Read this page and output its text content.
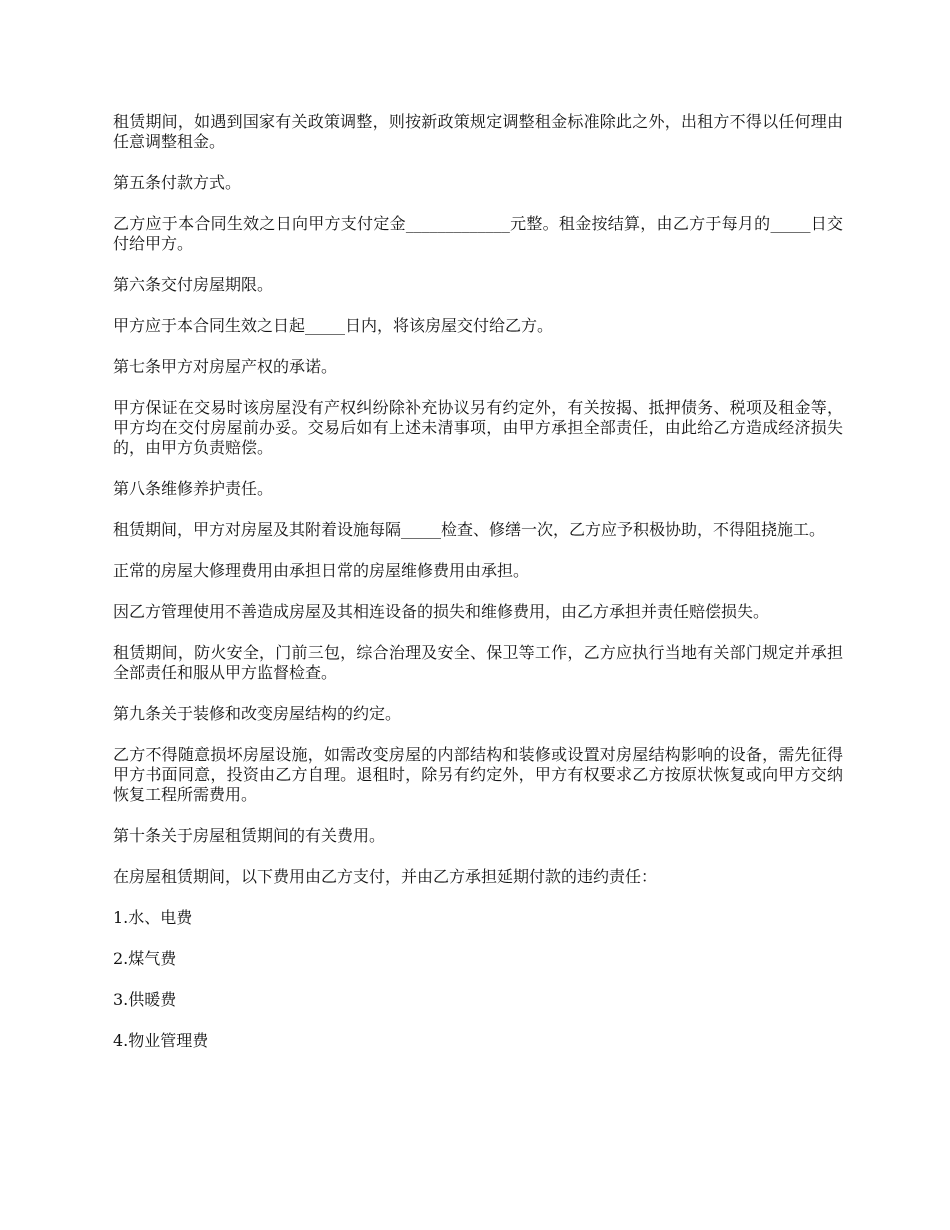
租赁期间，如遇到国家有关政策调整，则按新政策规定调整租金标准除此之外，出租方不得以任何理由任意调整租金。

第五条付款方式。

乙方应于本合同生效之日向甲方支付定金_____________元整。租金按结算，由乙方于每月的_____日交付给甲方。

第六条交付房屋期限。

甲方应于本合同生效之日起_____日内，将该房屋交付给乙方。

第七条甲方对房屋产权的承诺。

甲方保证在交易时该房屋没有产权纠纷除补充协议另有约定外，有关按揭、抵押债务、税项及租金等，甲方均在交付房屋前办妥。交易后如有上述未清事项，由甲方承担全部责任，由此给乙方造成经济损失的，由甲方负责赔偿。

第八条维修养护责任。

租赁期间，甲方对房屋及其附着设施每隔_____检查、修缮一次，乙方应予积极协助，不得阻挠施工。

正常的房屋大修理费用由承担日常的房屋维修费用由承担。

因乙方管理使用不善造成房屋及其相连设备的损失和维修费用，由乙方承担并责任赔偿损失。

租赁期间，防火安全，门前三包，综合治理及安全、保卫等工作，乙方应执行当地有关部门规定并承担全部责任和服从甲方监督检查。

第九条关于装修和改变房屋结构的约定。

乙方不得随意损坏房屋设施，如需改变房屋的内部结构和装修或设置对房屋结构影响的设备，需先征得甲方书面同意，投资由乙方自理。退租时，除另有约定外，甲方有权要求乙方按原状恢复或向甲方交纳恢复工程所需费用。

第十条关于房屋租赁期间的有关费用。

在房屋租赁期间，以下费用由乙方支付，并由乙方承担延期付款的违约责任：

1.水、电费

2.煤气费

3.供暖费

4.物业管理费
